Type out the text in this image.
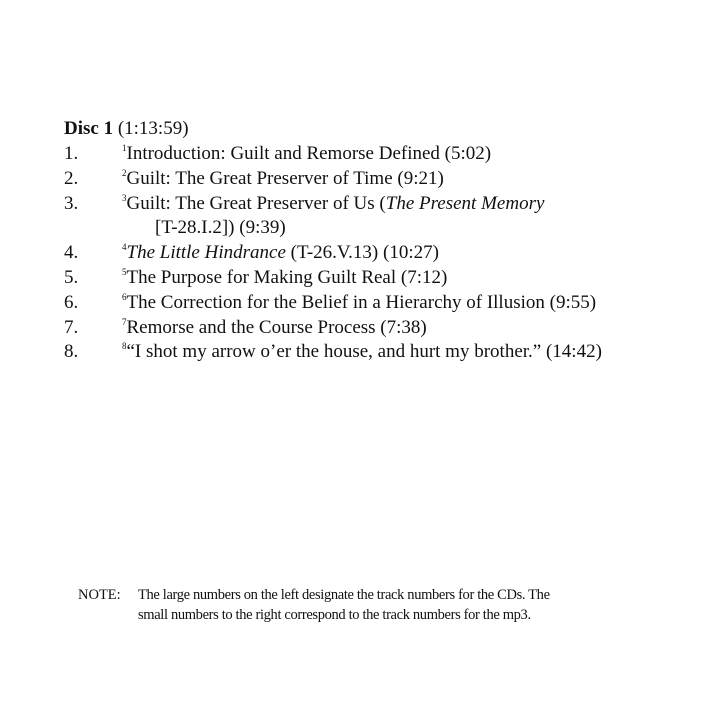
Disc 1 (1:13:59)
1.	$^1$Introduction: Guilt and Remorse Defined (5:02)
2.	$^2$Guilt: The Great Preserver of Time (9:21)
3.	$^3$Guilt: The Great Preserver of Us (The Present Memory
[T-28.I.2]) (9:39)
4.	$^4$The Little Hindrance (T-26.V.13) (10:27)
5.	$^5$The Purpose for Making Guilt Real (7:12)
6.	$^6$The Correction for the Belief in a Hierarchy of Illusion (9:55)
7.	$^7$Remorse and the Course Process (7:38)
8.	$^8$“I shot my arrow o’er the house, and hurt my brother.” (14:42)
NOTE: The large numbers on the left designate the track numbers for the CDs. The
small numbers to the right correspond to the track numbers for the mp3.
